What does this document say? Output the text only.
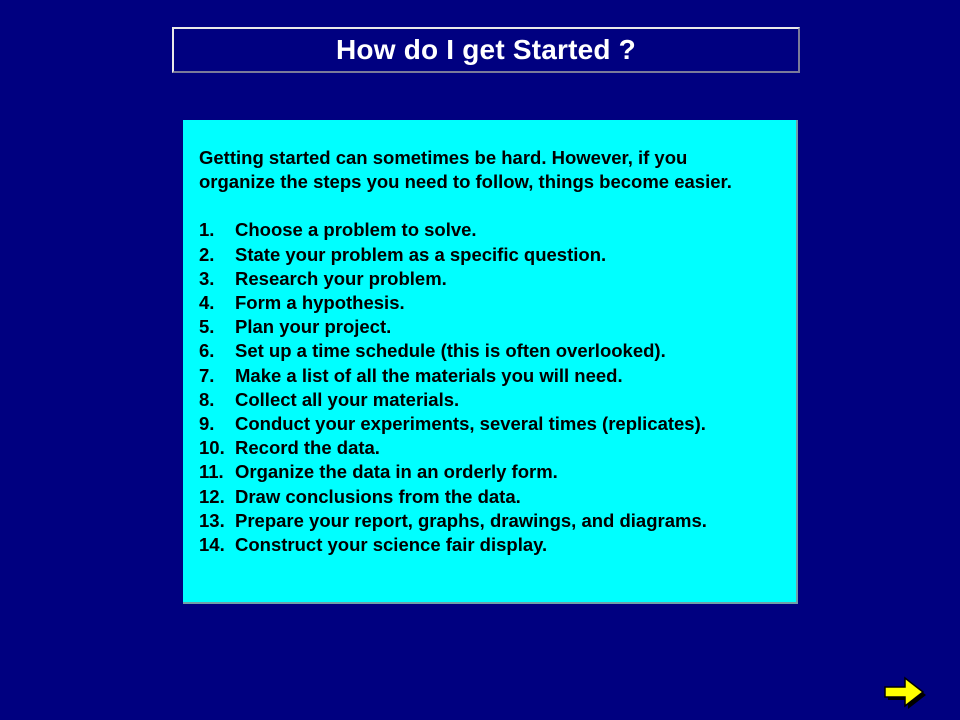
How do I get Started ?

Getting started can sometimes be hard. However, if you organize the steps you need to follow, things become easier.

1.	Choose a problem to solve.
2.	State your problem as a specific question.
3.	Research your problem.
4.	Form a hypothesis.
5.	Plan your project.
6.	Set up a time schedule (this is often overlooked).
7.	Make a list of all the materials you will need.
8.	Collect all your materials.
9.	Conduct your experiments, several times (replicates).
10. Record the data.
11. Organize the data in an orderly form.
12. Draw conclusions from the data.
13. Prepare your report, graphs, drawings, and diagrams.
14. Construct your science fair display.
